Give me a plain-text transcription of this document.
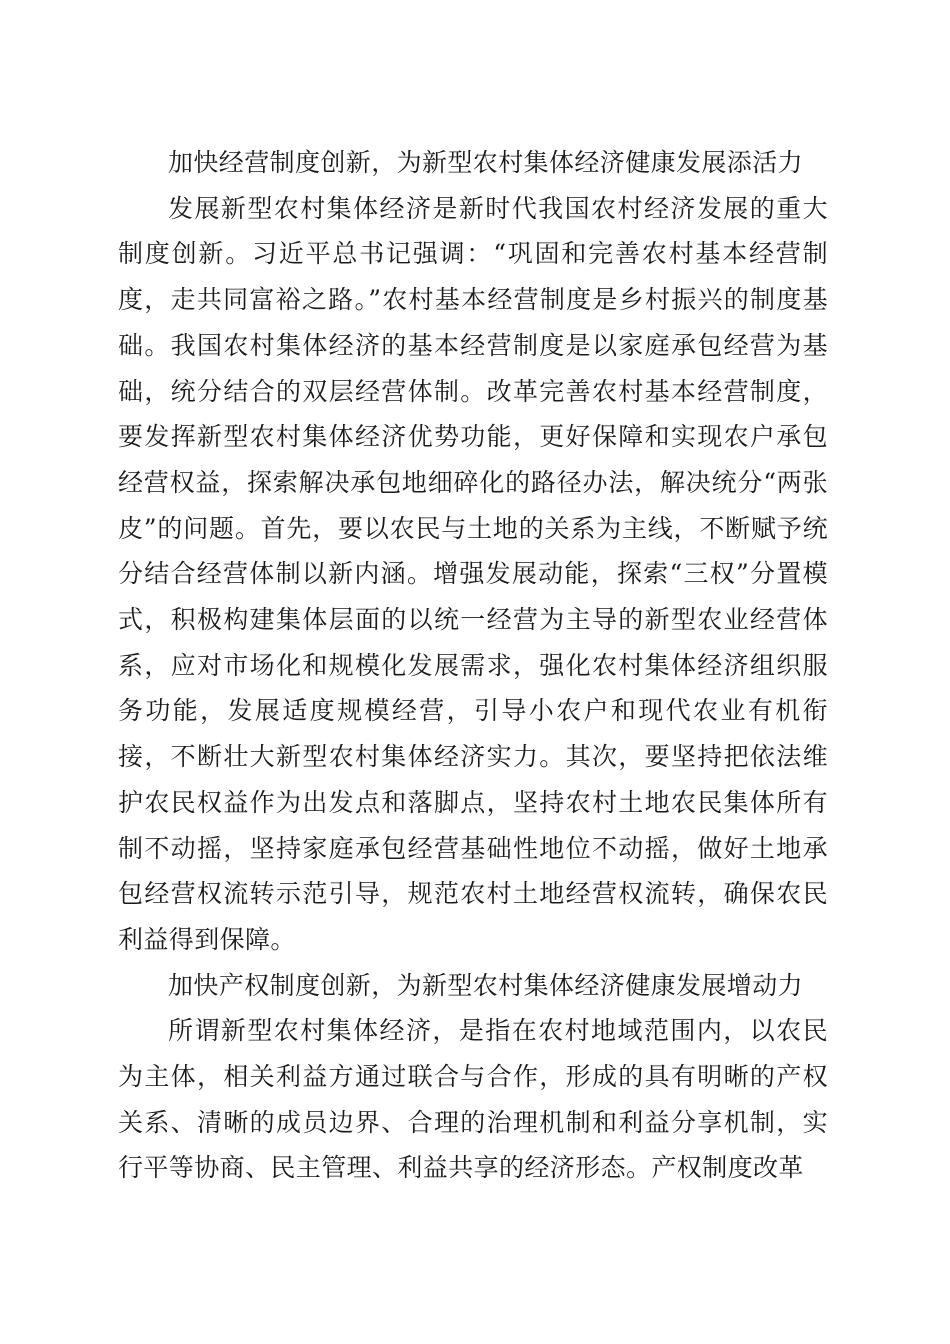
加快经营制度创新，为新型农村集体经济健康发展添活力

发展新型农村集体经济是新时代我国农村经济发展的重大制度创新。习近平总书记强调：“巩固和完善农村基本经营制度，走共同富裕之路。”农村基本经营制度是乡村振兴的制度基础。我国农村集体经济的基本经营制度是以家庭承包经营为基础，统分结合的双层经营体制。改革完善农村基本经营制度，要发挥新型农村集体经济优势功能，更好保障和实现农户承包经营权益，探索解决承包地细碎化的路径办法，解决统分“两张皮”的问题。首先，要以农民与土地的关系为主线，不断赋予统分结合经营体制以新内涵。增强发展动能，探索“三权”分置模式，积极构建集体层面的以统一经营为主导的新型农业经营体系，应对市场化和规模化发展需求，强化农村集体经济组织服务功能，发展适度规模经营，引导小农户和现代农业有机衔接，不断壮大新型农村集体经济实力。其次，要坚持把依法维护农民权益作为出发点和落脚点，坚持农村土地农民集体所有制不动摇，坚持家庭承包经营基础性地位不动摇，做好土地承包经营权流转示范引导，规范农村土地经营权流转，确保农民利益得到保障。

加快产权制度创新，为新型农村集体经济健康发展增动力

所谓新型农村集体经济，是指在农村地域范围内，以农民为主体，相关利益方通过联合与合作，形成的具有明晰的产权关系、清晰的成员边界、合理的治理机制和利益分享机制，实行平等协商、民主管理、利益共享的经济形态。产权制度改革
